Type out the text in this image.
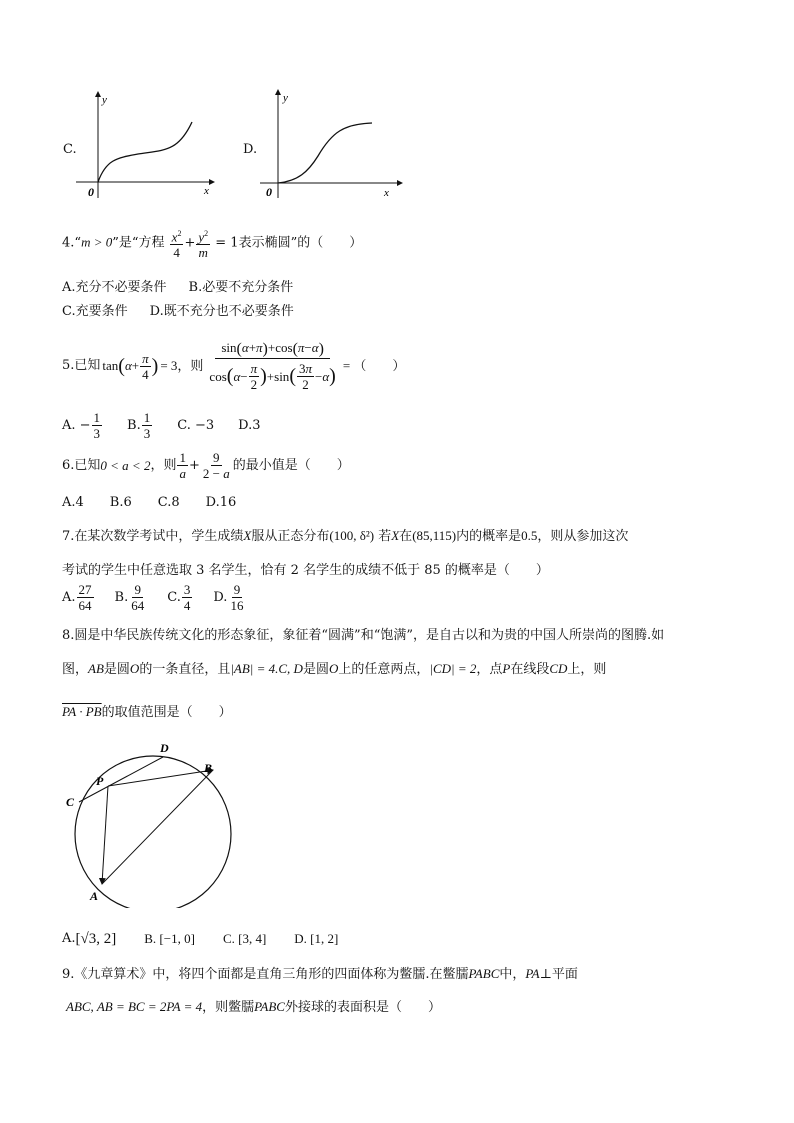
C.
y
x
0
D.
y
x
0
4.“m > 0”是“方程 $\frac{x^2}{4} + \frac{y^2}{m} = 1$表示椭圆”的（　　）
A.充分不必要条件 B.必要不充分条件
C.充要条件 D.既不充分也不必要条件
5.已知 tan ( $\alpha + \frac{\pi}{4}$ ) = 3，则 $\frac{\sin(\alpha+\pi)+\cos(\pi-\alpha)}{\cos ( \alpha - \frac{\pi}{2} ) + \sin ( \frac{3\pi}{2} - \alpha )}$ = （　　）
A. − $\frac{1}{3} B$. $\frac{1}{3} C$. −3 D.3
6.已知 0 < a < 2 ，则 $\frac{1}{a} + \frac{9}{2 - a}$ 的最小值是（　　）
A.4　　B.6　　C.8　　D.16
7.在某次数学考试中，学生成绩X服从正态分布(100, δ²) 若X在(85,115)内的概率是0.5，则从参加这次
考试的学生中任意选取 3 名学生，恰有 2 名学生的成绩不低于 85 的概率是（　　）
A. $\frac{27}{64} B$. $\frac{9}{64} C$. $\frac{3}{4} D$. $\frac{9}{16}$
8.圆是中华民族传统文化的形态象征，象征着“圆满”和“饱满”，是自古以和为贵的中国人所崇尚的图腾.如
图，AB是圆O的一条直径，且|AB| = 4.C, D是圆O上的任意两点，|CD| = 2，点P在线段CD上，则
PA · PB的取值范围是（　　）
D
B
P
C
A
A. [√3, 2] B. [−1, 0] C. [3, 4] D. [1, 2]
9.《九章算术》中，将四个面都是直角三角形的四面体称为鳖臑.在鳖臑PABC中，PA⊥平面
ABC, AB = BC = 2PA = 4，则鳖臑PABC外接球的表面积是（　　）
